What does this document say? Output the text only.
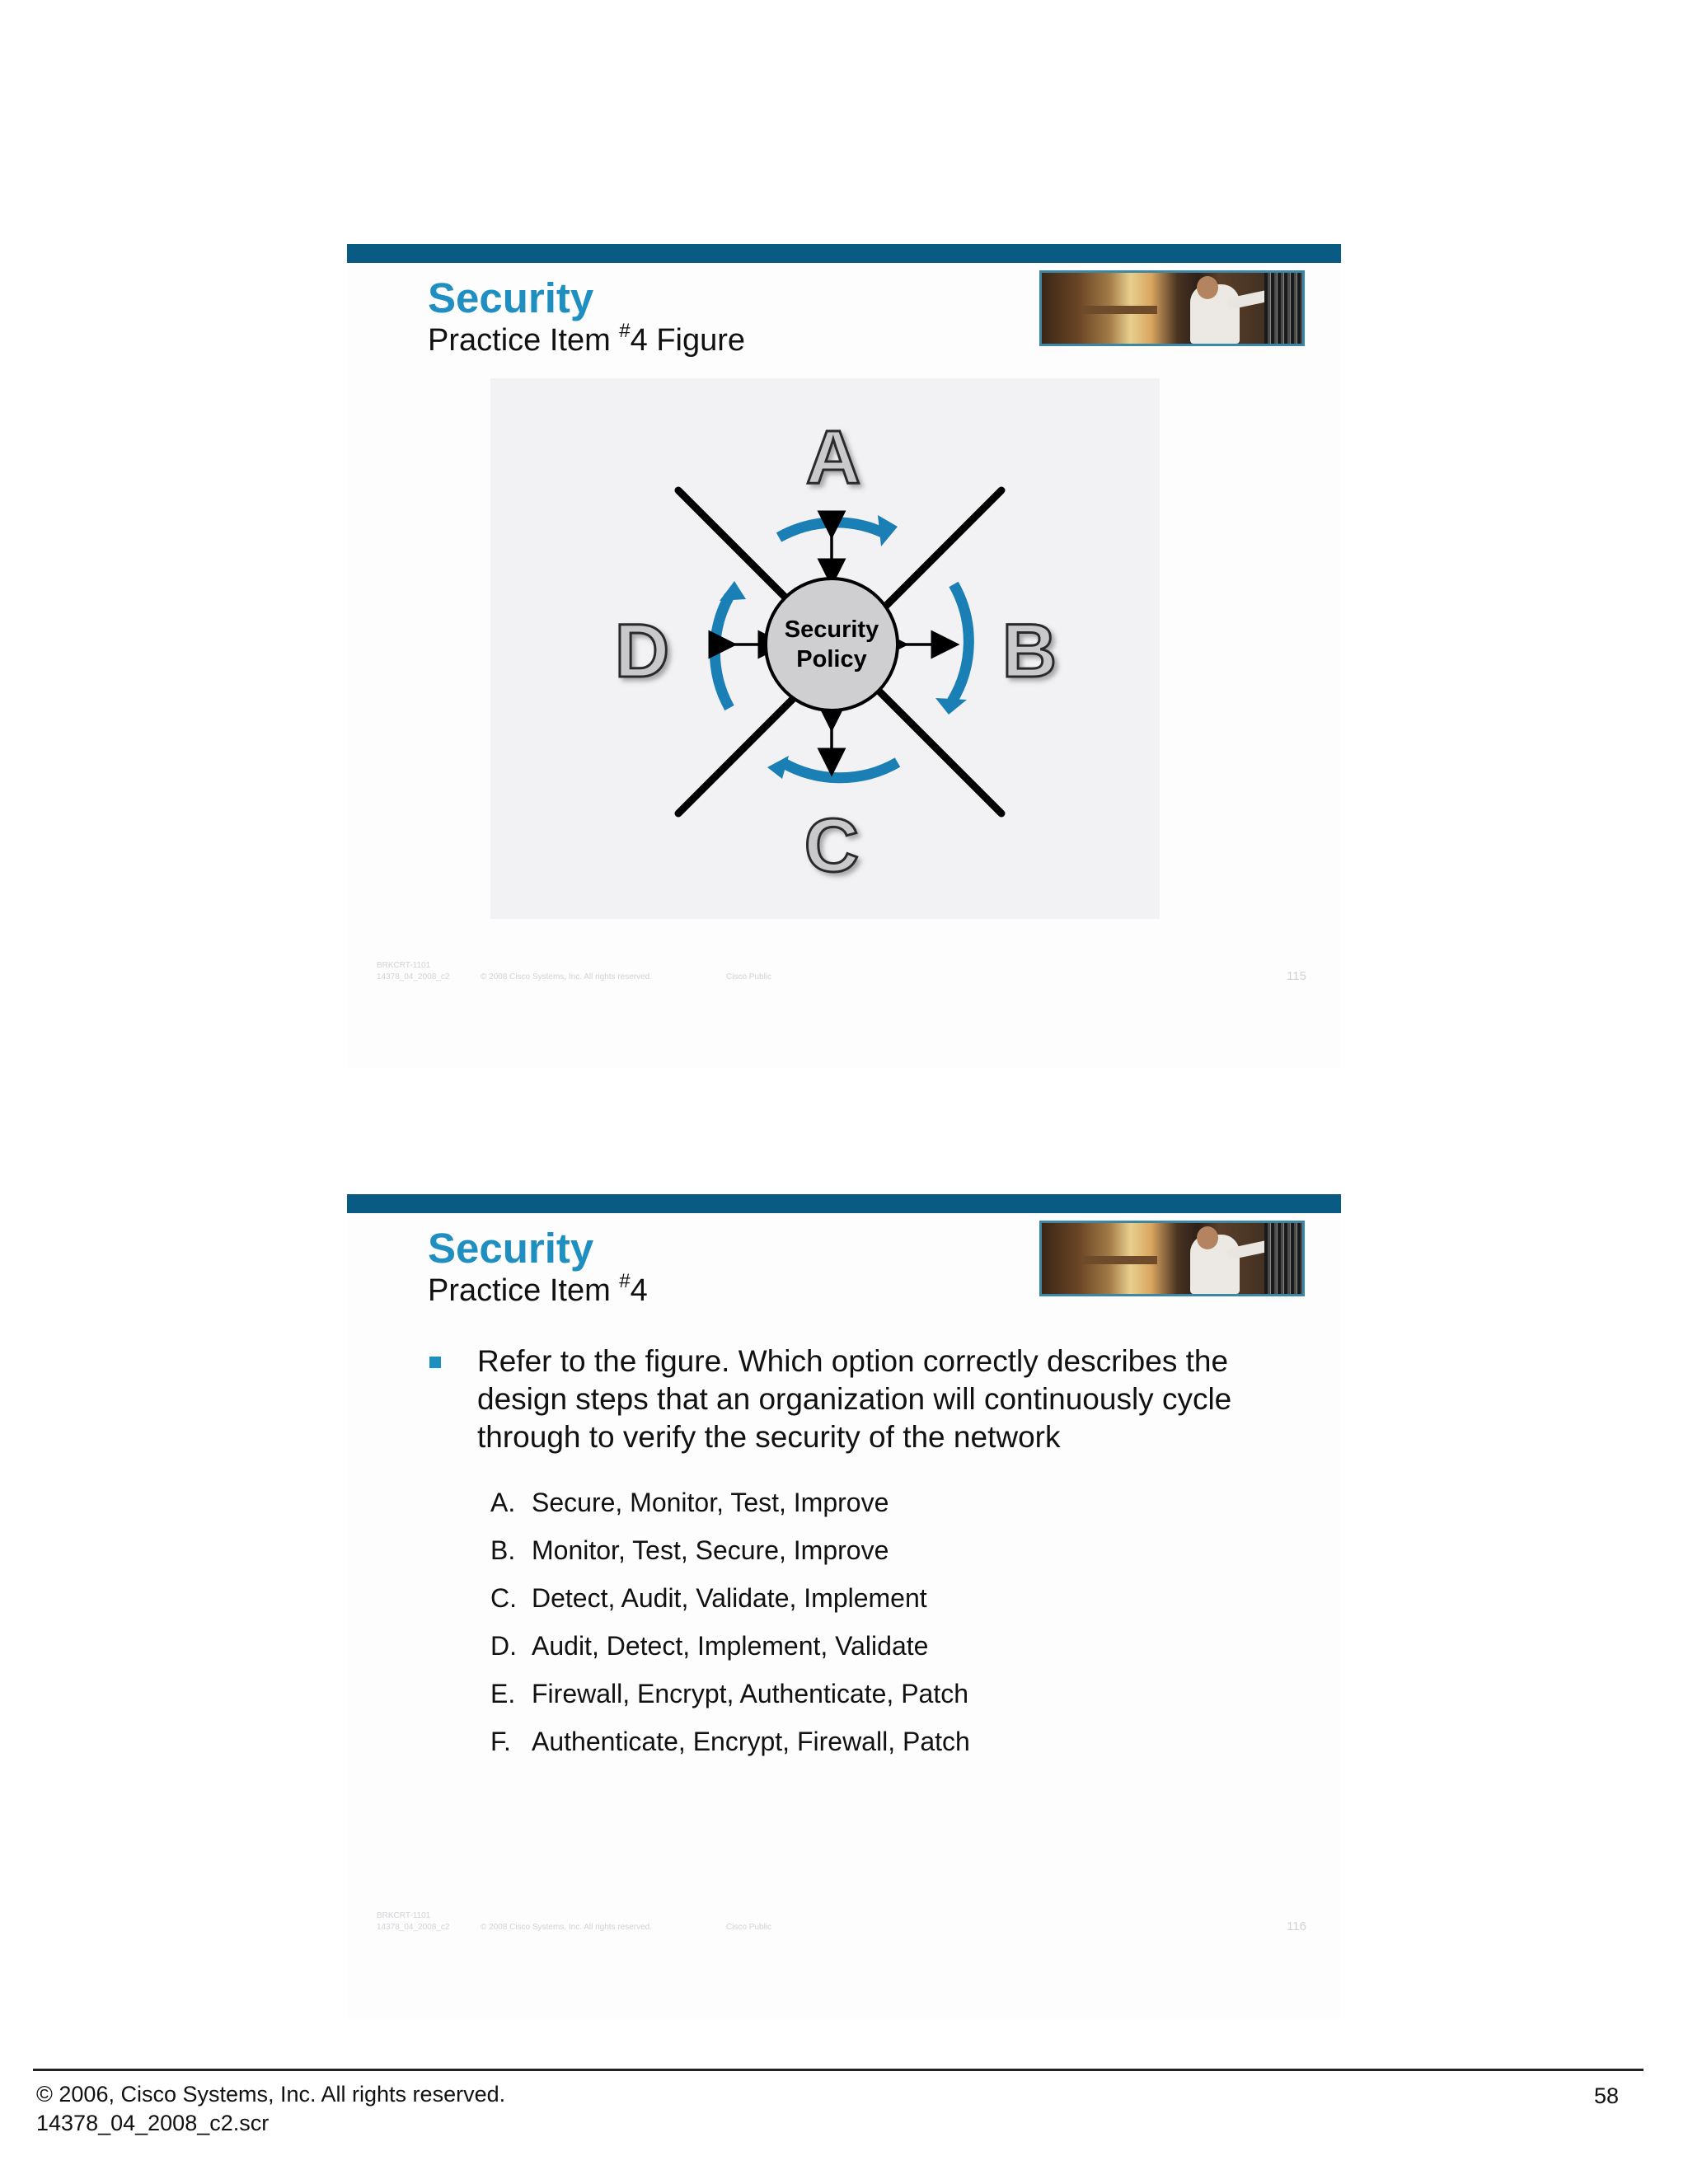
Security
Practice Item #4 Figure
Security
Policy
A
B
C
D
BRKCRT-1101
14378_04_2008_c2	© 2008 Cisco Systems, Inc. All rights reserved.	Cisco Public	115
Security
Practice Item #4
Refer to the figure. Which option correctly describes the design steps that an organization will continuously cycle through to verify the security of the network
A. Secure, Monitor, Test, Improve
B. Monitor, Test, Secure, Improve
C. Detect, Audit, Validate, Implement
D. Audit, Detect, Implement, Validate
E. Firewall, Encrypt, Authenticate, Patch
F. Authenticate, Encrypt, Firewall, Patch
BRKCRT-1101
14378_04_2008_c2	© 2008 Cisco Systems, Inc. All rights reserved.	Cisco Public	116
© 2006, Cisco Systems, Inc. All rights reserved.
14378_04_2008_c2.scr
58
